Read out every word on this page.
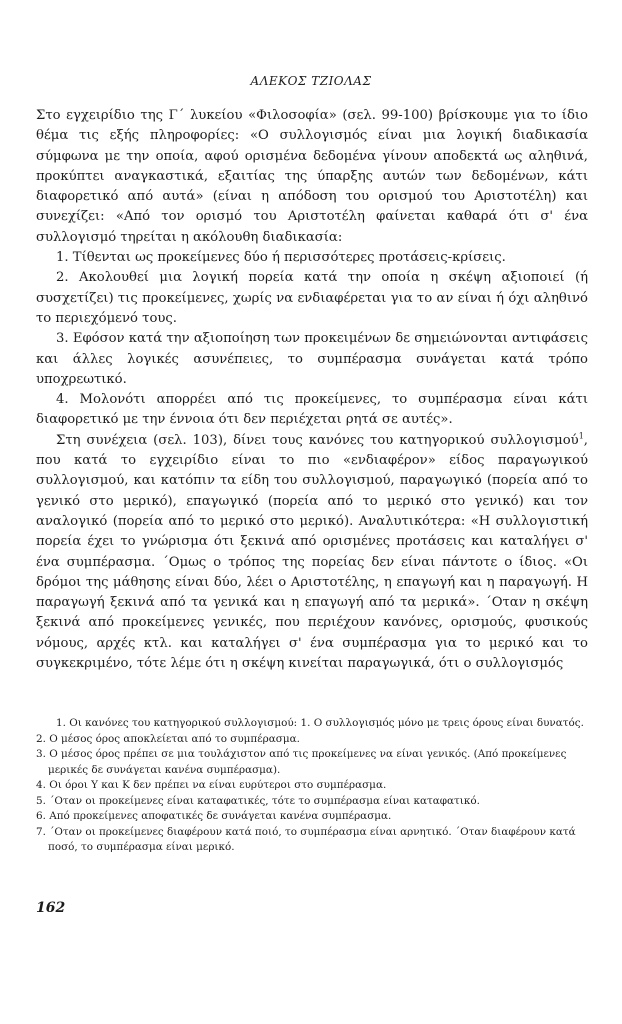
ΑΛΕΚΟΣ ΤΖΙΟΛΑΣ

Στο εγχειρίδιο της Γ΄ λυκείου «Φιλοσοφία» (σελ. 99-100) βρίσκουμε για το ίδιο θέμα τις εξής πληροφορίες: «Ο συλλογισμός είναι μια λογική διαδικασία σύμφωνα με την οποία, αφού ορισμένα δεδομένα γίνουν αποδεκτά ως αληθινά, προκύπτει αναγκαστικά, εξαιτίας της ύπαρξης αυτών των δεδομένων, κάτι διαφορετικό από αυτά» (είναι η απόδοση του ορισμού του Αριστοτέλη) και συνεχίζει: «Από τον ορισμό του Αριστοτέλη φαίνεται καθαρά ότι σ' ένα συλλογισμό τηρείται η ακόλουθη διαδικασία:

1. Τίθενται ως προκείμενες δύο ή περισσότερες προτάσεις-κρίσεις.

2. Ακολουθεί μια λογική πορεία κατά την οποία η σκέψη αξιοποιεί (ή συσχετίζει) τις προκείμενες, χωρίς να ενδιαφέρεται για το αν είναι ή όχι αληθινό το περιεχόμενό τους.

3. Εφόσον κατά την αξιοποίηση των προκειμένων δε σημειώνονται αντιφάσεις και άλλες λογικές ασυνέπειες, το συμπέρασμα συνάγεται κατά τρόπο υποχρεωτικό.

4. Μολονότι απορρέει από τις προκείμενες, το συμπέρασμα είναι κάτι διαφορετικό με την έννοια ότι δεν περιέχεται ρητά σε αυτές».

Στη συνέχεια (σελ. 103), δίνει τους κανόνες του κατηγορικού συλλογισμού$^1$, που κατά το εγχειρίδιο είναι το πιο «ενδιαφέρον» είδος παραγωγικού συλλογισμού, και κατόπιν τα είδη του συλλογισμού, παραγωγικό (πορεία από το γενικό στο μερικό), επαγωγικό (πορεία από το μερικό στο γενικό) και τον αναλογικό (πορεία από το μερικό στο μερικό). Αναλυτικότερα: «Η συλλογιστική πορεία έχει το γνώρισμα ότι ξεκινά από ορισμένες προτάσεις και καταλήγει σ' ένα συμπέρασμα. ΄Ομως ο τρόπος της πορείας δεν είναι πάντοτε ο ίδιος. «Οι δρόμοι της μάθησης είναι δύο, λέει ο Αριστοτέλης, η επαγωγή και η παραγωγή. Η παραγωγή ξεκινά από τα γενικά και η επαγωγή από τα μερικά». ΄Οταν η σκέψη ξεκινά από προκείμενες γενικές, που περιέχουν κανόνες, ορισμούς, φυσικούς νόμους, αρχές κτλ. και καταλήγει σ' ένα συμπέρασμα για το μερικό και το συγκεκριμένο, τότε λέμε ότι η σκέψη κινείται παραγωγικά, ότι ο συλλογισμός

1. Οι κανόνες του κατηγορικού συλλογισμού: 1. Ο συλλογισμός μόνο με τρεις όρους είναι δυνατός.

2. Ο μέσος όρος αποκλείεται από το συμπέρασμα.

3. Ο μέσος όρος πρέπει σε μια τουλάχιστον από τις προκείμενες να είναι γενικός. (Από προκείμενες μερικές δε συνάγεται κανένα συμπέρασμα).

4. Οι όροι Υ και Κ δεν πρέπει να είναι ευρύτεροι στο συμπέρασμα.

5. ΄Οταν οι προκείμενες είναι καταφατικές, τότε το συμπέρασμα είναι καταφατικό.

6. Από προκείμενες αποφατικές δε συνάγεται κανένα συμπέρασμα.

7. ΄Οταν οι προκείμενες διαφέρουν κατά ποιό, το συμπέρασμα είναι αρνητικό. ΄Οταν διαφέρουν κατά ποσό, το συμπέρασμα είναι μερικό.

162
